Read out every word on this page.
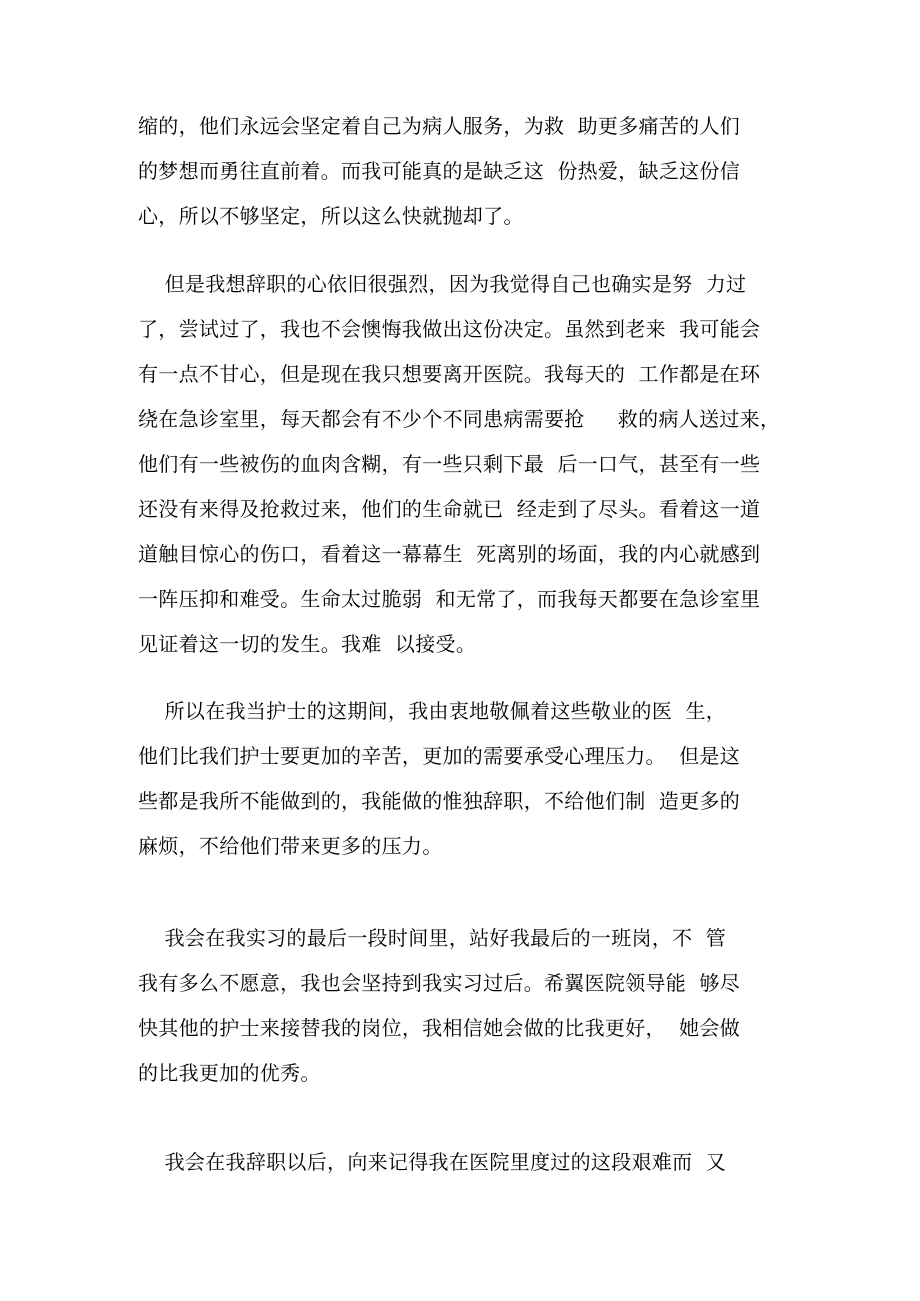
缩的，他们永远会坚定着自己为病人服务，为救  助更多痛苦的人们
的梦想而勇往直前着。而我可能真的是缺乏这  份热爱，缺乏这份信
心，所以不够坚定，所以这么快就抛却了。
但是我想辞职的心依旧很强烈，因为我觉得自己也确实是努  力过
了，尝试过了，我也不会懊悔我做出这份决定。虽然到老来  我可能会
有一点不甘心，但是现在我只想要离开医院。我每天的  工作都是在环
绕在急诊室里，每天都会有不少个不同患病需要抢     救的病人送过来，
他们有一些被伤的血肉含糊，有一些只剩下最  后一口气，甚至有一些
还没有来得及抢救过来，他们的生命就已  经走到了尽头。看着这一道
道触目惊心的伤口，看着这一幕幕生  死离别的场面，我的内心就感到
一阵压抑和难受。生命太过脆弱  和无常了，而我每天都要在急诊室里
见证着这一切的发生。我难  以接受。
所以在我当护士的这期间，我由衷地敬佩着这些敬业的医  生，
他们比我们护士要更加的辛苦，更加的需要承受心理压力。  但是这
些都是我所不能做到的，我能做的惟独辞职，不给他们制  造更多的
麻烦，不给他们带来更多的压力。
我会在我实习的最后一段时间里，站好我最后的一班岗，不  管
我有多么不愿意，我也会坚持到我实习过后。希翼医院领导能  够尽
快其他的护士来接替我的岗位，我相信她会做的比我更好，  她会做
的比我更加的优秀。
我会在我辞职以后，向来记得我在医院里度过的这段艰难而  又
